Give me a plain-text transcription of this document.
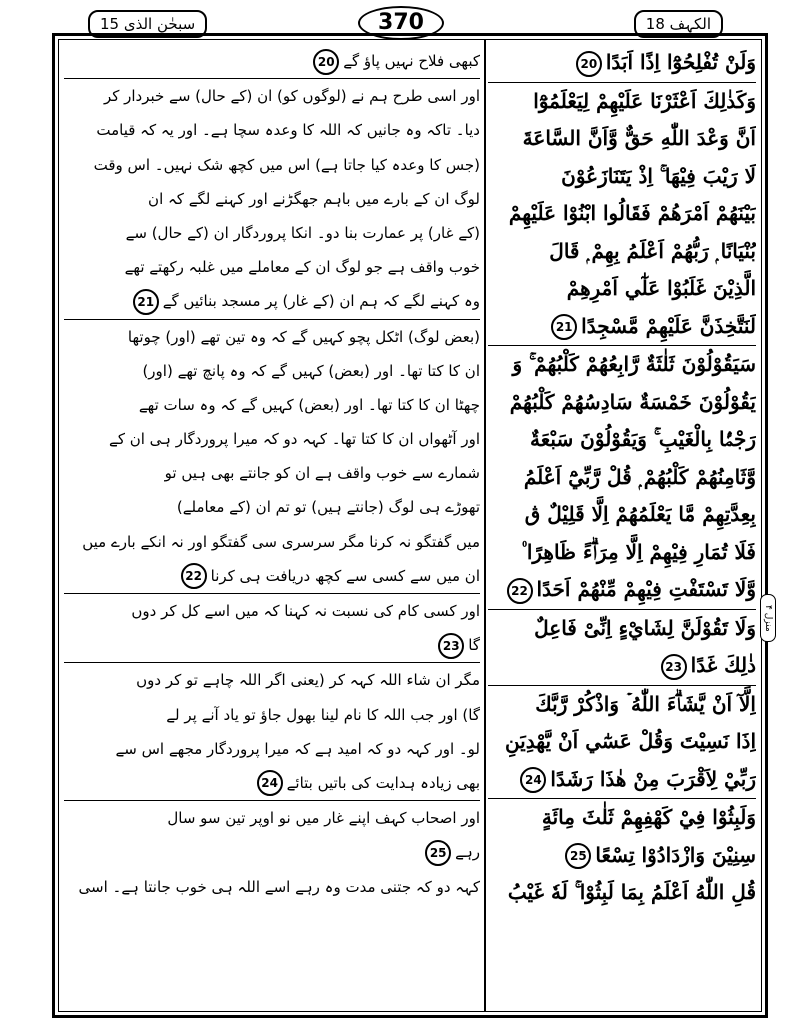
سبحٰن الذی 15	370	الکہف 18
منزل ۴
وَلَنْ تُفْلِحُوْٓا اِذًا اَبَدًا20
وَكَذٰلِكَ اَعْثَرْنَا عَلَيْهِمْ لِيَعْلَمُوْٓا
اَنَّ وَعْدَ اللّٰهِ حَقٌّ وَّاَنَّ السَّاعَةَ
لَا رَيْبَ فِيْهَا ۚ اِذْ يَتَنَازَعُوْنَ
بَيْنَهُمْ اَمْرَهُمْ فَقَالُوا ابْنُوْا عَلَيْهِمْ
بُنْيَانًا ۭ رَبُّهُمْ اَعْلَمُ بِهِمْ ۭ قَالَ
الَّذِيْنَ غَلَبُوْا عَلٰٓي اَمْرِهِمْ
لَنَتَّخِذَنَّ عَلَيْهِمْ مَّسْجِدًا21
سَيَقُوْلُوْنَ ثَلٰثَةٌ رَّابِعُهُمْ كَلْبُهُمْ ۚ وَ
يَقُوْلُوْنَ خَمْسَةٌ سَادِسُهُمْ كَلْبُهُمْ
رَجْمًۢا بِالْغَيْبِ ۚ وَيَقُوْلُوْنَ سَبْعَةٌ
وَّثَامِنُهُمْ كَلْبُهُمْ ۭ قُلْ رَّبِّيْٓ اَعْلَمُ
بِعِدَّتِهِمْ مَّا يَعْلَمُهُمْ اِلَّا قَلِيْلٌ ڨ
فَلَا تُمَارِ فِيْهِمْ اِلَّا مِرَاۗءً ظَاهِرًا ۠
وَّلَا تَسْتَفْتِ فِيْهِمْ مِّنْهُمْ اَحَدًا22
وَلَا تَقُوْلَنَّ لِشَايْءٍ اِنِّىْ فَاعِلٌ
ذٰلِكَ غَدًا23
اِلَّآ اَنْ يَّشَاۗءَ اللّٰهُ ۡ وَاذْكُرْ رَّبَّكَ
اِذَا نَسِيْتَ وَقُلْ عَسٰٓي اَنْ يَّهْدِيَنِ
رَبِّيْ لِاَقْرَبَ مِنْ هٰذَا رَشَدًا24
وَلَبِثُوْا فِيْ كَهْفِهِمْ ثَلٰثَ مِائَةٍ
سِنِيْنَ وَازْدَادُوْا تِسْعًا25
قُلِ اللّٰهُ اَعْلَمُ بِمَا لَبِثُوْا ۚ لَهٗ غَيْبُ
کبھی فلاح نہیں پاؤ گے20
اور اسی طرح ہم نے (لوگوں کو) ان (کے حال) سے خبردار کر
دیا۔ تاکہ وہ جانیں کہ اللہ کا وعدہ سچا ہے۔ اور یہ کہ قیامت
(جس کا وعدہ کیا جاتا ہے) اس میں کچھ شک نہیں۔ اس وقت
لوگ ان کے بارے میں باہم جھگڑنے اور کہنے لگے کہ ان
(کے غار) پر عمارت بنا دو۔ انکا پروردگار ان (کے حال) سے
خوب واقف ہے جو لوگ ان کے معاملے میں غلبہ رکھتے تھے
وہ کہنے لگے کہ ہم ان (کے غار) پر مسجد بنائیں گے21
(بعض لوگ) اٹکل پچو کہیں گے کہ وہ تین تھے (اور) چوتھا
ان کا کتا تھا۔ اور (بعض) کہیں گے کہ وہ پانچ تھے (اور)
چھٹا ان کا کتا تھا۔ اور (بعض) کہیں گے کہ وہ سات تھے
اور آٹھواں ان کا کتا تھا۔ کہہ دو کہ میرا پروردگار ہی ان کے
شمارے سے خوب واقف ہے ان کو جانتے بھی ہیں تو
تھوڑے ہی لوگ (جانتے ہیں) تو تم ان (کے معاملے)
میں گفتگو نہ کرنا مگر سرسری سی گفتگو اور نہ انکے بارے میں
ان میں سے کسی سے کچھ دریافت ہی کرنا22
اور کسی کام کی نسبت نہ کہنا کہ میں اسے کل کر دوں
گا23
مگر ان شاء اللہ کہہ کر (یعنی اگر اللہ چاہے تو کر دوں
گا) اور جب اللہ کا نام لینا بھول جاؤ تو یاد آنے پر لے
لو۔ اور کہہ دو کہ امید ہے کہ میرا پروردگار مجھے اس سے
بھی زیادہ ہدایت کی باتیں بتائے24
اور اصحاب کہف اپنے غار میں نو اوپر تین سو سال
رہے25
کہہ دو کہ جتنی مدت وہ رہے اسے اللہ ہی خوب جانتا ہے۔ اسی
